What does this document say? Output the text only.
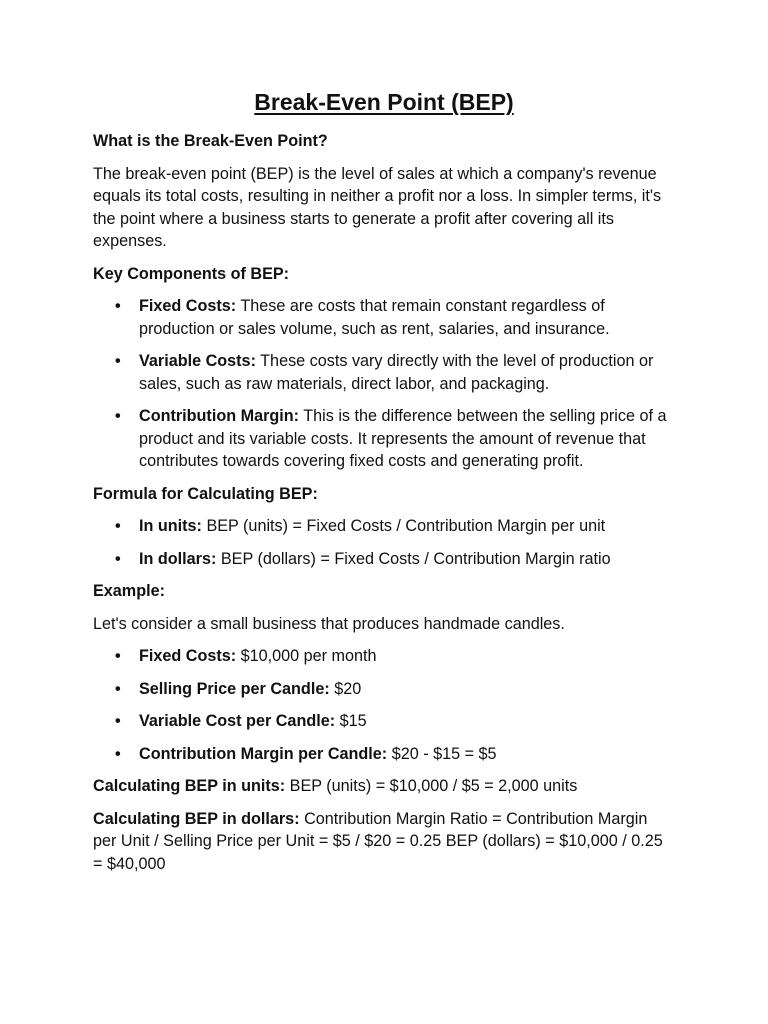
Break-Even Point (BEP)

What is the Break-Even Point?

The break-even point (BEP) is the level of sales at which a company's revenue equals its total costs, resulting in neither a profit nor a loss. In simpler terms, it's the point where a business starts to generate a profit after covering all its expenses.

Key Components of BEP:

• Fixed Costs: These are costs that remain constant regardless of production or sales volume, such as rent, salaries, and insurance.
• Variable Costs: These costs vary directly with the level of production or sales, such as raw materials, direct labor, and packaging.
• Contribution Margin: This is the difference between the selling price of a product and its variable costs. It represents the amount of revenue that contributes towards covering fixed costs and generating profit.

Formula for Calculating BEP:

• In units: BEP (units) = Fixed Costs / Contribution Margin per unit
• In dollars: BEP (dollars) = Fixed Costs / Contribution Margin ratio

Example:

Let's consider a small business that produces handmade candles.

• Fixed Costs: $10,000 per month
• Selling Price per Candle: $20
• Variable Cost per Candle: $15
• Contribution Margin per Candle: $20 - $15 = $5

Calculating BEP in units: BEP (units) = $10,000 / $5 = 2,000 units

Calculating BEP in dollars: Contribution Margin Ratio = Contribution Margin per Unit / Selling Price per Unit = $5 / $20 = 0.25 BEP (dollars) = $10,000 / 0.25 = $40,000
